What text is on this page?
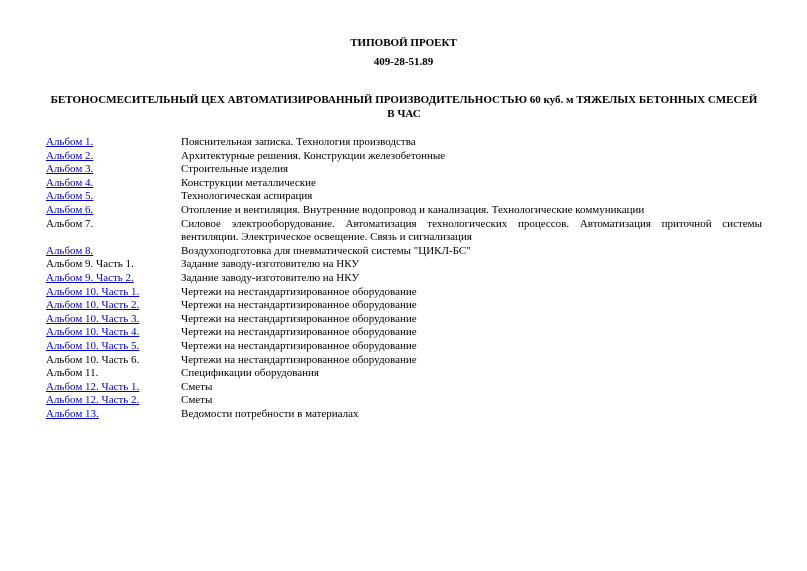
ТИПОВОЙ ПРОЕКТ
409-28-51.89
БЕТОНОСМЕСИТЕЛЬНЫЙ ЦЕХ АВТОМАТИЗИРОВАННЫЙ ПРОИЗВОДИТЕЛЬНОСТЬЮ 60 куб. м ТЯЖЕЛЫХ БЕТОННЫХ СМЕСЕЙ В ЧАС
Альбом 1.	Пояснительная записка. Технология производства
Альбом 2.	Архитектурные решения. Конструкции железобетонные
Альбом 3.	Строительные изделия
Альбом 4.	Конструкции металлические
Альбом 5.	Технологическая аспирация
Альбом 6.	Отопление и вентиляция. Внутренние водопровод и канализация. Технологические коммуникации
Альбом 7.	Силовое электрооборудование. Автоматизация технологических процессов. Автоматизация приточной системы вентиляции. Электрическое освещение. Связь и сигнализация
Альбом 8.	Воздухоподготовка для пневматической системы "ЦИКЛ-БС"
Альбом 9. Часть 1.	Задание заводу-изготовителю на НКУ
Альбом 9. Часть 2.	Задание заводу-изготовителю на НКУ
Альбом 10. Часть 1.	Чертежи на нестандартизированное оборудование
Альбом 10. Часть 2.	Чертежи на нестандартизированное оборудование
Альбом 10. Часть 3.	Чертежи на нестандартизированное оборудование
Альбом 10. Часть 4.	Чертежи на нестандартизированное оборудование
Альбом 10. Часть 5.	Чертежи на нестандартизированное оборудование
Альбом 10. Часть 6.	Чертежи на нестандартизированное оборудование
Альбом 11.	Спецификации оборудования
Альбом 12. Часть 1.	Сметы
Альбом 12. Часть 2.	Сметы
Альбом 13.	Ведомости потребности в материалах
